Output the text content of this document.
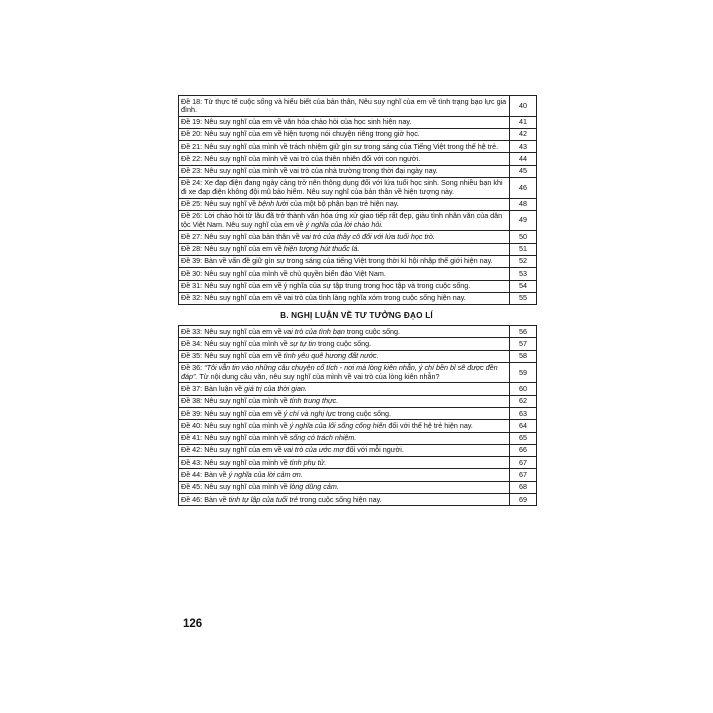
Đề 18: Từ thực tế cuộc sống và hiểu biết của bản thân, Nêu suy nghĩ của em về tình trạng bạo lực gia đình.	40
Đề 19: Nêu suy nghĩ của em về văn hóa chào hỏi của học sinh hiện nay.	41
Đề 20: Nêu suy nghĩ của em về hiện tượng nói chuyện riêng trong giờ học.	42
Đề 21: Nêu suy nghĩ của mình về trách nhiệm giữ gìn sự trong sáng của Tiếng Việt trong thế hệ trẻ.	43
Đề 22: Nêu suy nghĩ của mình về vai trò của thiên nhiên đối với con người.	44
Đề 23: Nêu suy nghĩ của mình về vai trò của nhà trường trong thời đại ngày nay.	45
Đề 24: Xe đạp điện đang ngày càng trở nên thông dụng đối với lứa tuổi học sinh. Song nhiều bạn khi đi xe đạp điện không đội mũ bảo hiểm. Nêu suy nghĩ của bản thân về hiện tượng này.	46
Đề 25: Nêu suy nghĩ về bệnh lười của một bộ phận bạn trẻ hiện nay.	48
Đề 26: Lời chào hỏi từ lâu đã trở thành văn hóa ứng xử giao tiếp rất đẹp, giàu tình nhân văn của dân tộc Việt Nam. Nêu suy nghĩ của em về ý nghĩa của lời chào hỏi.	49
Đề 27: Nêu suy nghĩ của bản thân về vai trò của thầy cô đối với lứa tuổi học trò.	50
Đề 28: Nêu suy nghĩ của em về hiện tượng hút thuốc lá.	51
Đề 39: Bàn về vấn đề giữ gìn sự trong sáng của tiếng Việt trong thời kì hội nhập thế giới hiện nay.	52
Đề 30: Nêu suy nghĩ của mình về chủ quyền biển đảo Việt Nam.	53
Đề 31: Nêu suy nghĩ của em về ý nghĩa của sự tập trung trong học tập và trong cuộc sống.	54
Đề 32: Nêu suy nghĩ của em về vai trò của tình làng nghĩa xóm trong cuộc sống hiện nay.	55
B. NGHỊ LUẬN VỀ TƯ TƯỞNG ĐẠO LÍ
Đề 33: Nêu suy nghĩ của em về vai trò của tình bạn trong cuộc sống.	56
Đề 34: Nêu suy nghĩ của mình về sự tự tin trong cuộc sống.	57
Đề 35: Nêu suy nghĩ của em về tình yêu quê hương đất nước.	58
Đề 36: “Tôi vẫn tin vào những câu chuyện cổ tích - nơi mà lòng kiên nhẫn, ý chí bền bỉ sẽ được đền đáp”. Từ nội dung câu văn, nêu suy nghĩ của mình về vai trò của lòng kiên nhẫn?	59
Đề 37: Bàn luận về giá trị của thời gian.	60
Đề 38: Nêu suy nghĩ của mình về tính trung thực.	62
Đề 39: Nêu suy nghĩ của em về ý chí và nghị lực trong cuộc sống.	63
Đề 40: Nêu suy nghĩ của mình về ý nghĩa của lối sống cống hiến đối với thế hệ trẻ hiện nay.	64
Đề 41: Nêu suy nghĩ của mình về sống có trách nhiệm.	65
Đề 42: Nêu suy nghĩ của em về vai trò của ước mơ đối với mỗi người.	66
Đề 43: Nêu suy nghĩ của mình về tính phụ tử.	67
Đề 44: Bàn về ý nghĩa của lời cảm ơn.	67
Đề 45: Nêu suy nghĩ của mình về lòng dũng cảm.	68
Đề 46: Bàn về tinh tự lập của tuổi trẻ trong cuộc sống hiện nay.	69
126
